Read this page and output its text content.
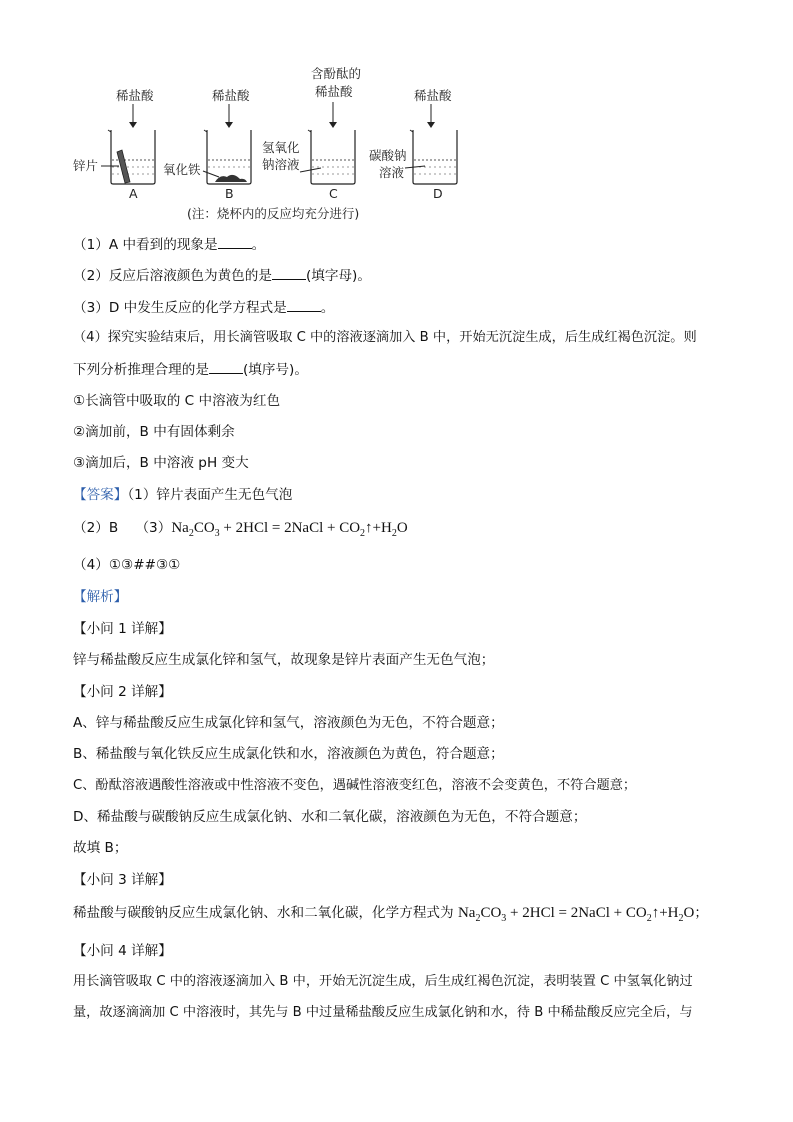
稀盐酸
锌片
A
稀盐酸
氧化铁
B
含酚酞的
稀盐酸
氢氧化
钠溶液
C
稀盐酸
碳酸钠
溶液
D
(注：烧杯内的反应均充分进行)
（1）A 中看到的现象是	。
（2）反应后溶液颜色为黄色的是	(填字母)。
（3）D 中发生反应的化学方程式是	。
（4）探究实验结束后，用长滴管吸取 C 中的溶液逐滴加入 B 中，开始无沉淀生成，后生成红褐色沉淀。则
下列分析推理合理的是	(填序号)。
①长滴管中吸取的 C 中溶液为红色
②滴加前，B 中有固体剩余
③滴加后，B 中溶液 pH 变大
【答案】（1）锌片表面产生无色气泡
（2）B $(3)Na_2CO_3 + 2HCl$ = 2NaCl + $CO_2↑+H_2O$
（4）①③##③①
【解析】
【小问 1 详解】
锌与稀盐酸反应生成氯化锌和氢气，故现象是锌片表面产生无色气泡；
【小问 2 详解】
A、锌与稀盐酸反应生成氯化锌和氢气，溶液颜色为无色，不符合题意；
B、稀盐酸与氧化铁反应生成氯化铁和水，溶液颜色为黄色，符合题意；
C、酚酞溶液遇酸性溶液或中性溶液不变色，遇碱性溶液变红色，溶液不会变黄色，不符合题意；
D、稀盐酸与碳酸钠反应生成氯化钠、水和二氧化碳，溶液颜色为无色，不符合题意；
故填 B；
【小问 3 详解】
稀盐酸与碳酸钠反应生成氯化钠、水和二氧化碳，化学方程式为 $Na_2CO_3 + 2HCl$ = 2NaCl + $CO_2↑+H_2O$；
【小问 4 详解】
用长滴管吸取 C 中的溶液逐滴加入 B 中，开始无沉淀生成，后生成红褐色沉淀，表明装置 C 中氢氧化钠过
量，故逐滴滴加 C 中溶液时，其先与 B 中过量稀盐酸反应生成氯化钠和水，待 B 中稀盐酸反应完全后，与
